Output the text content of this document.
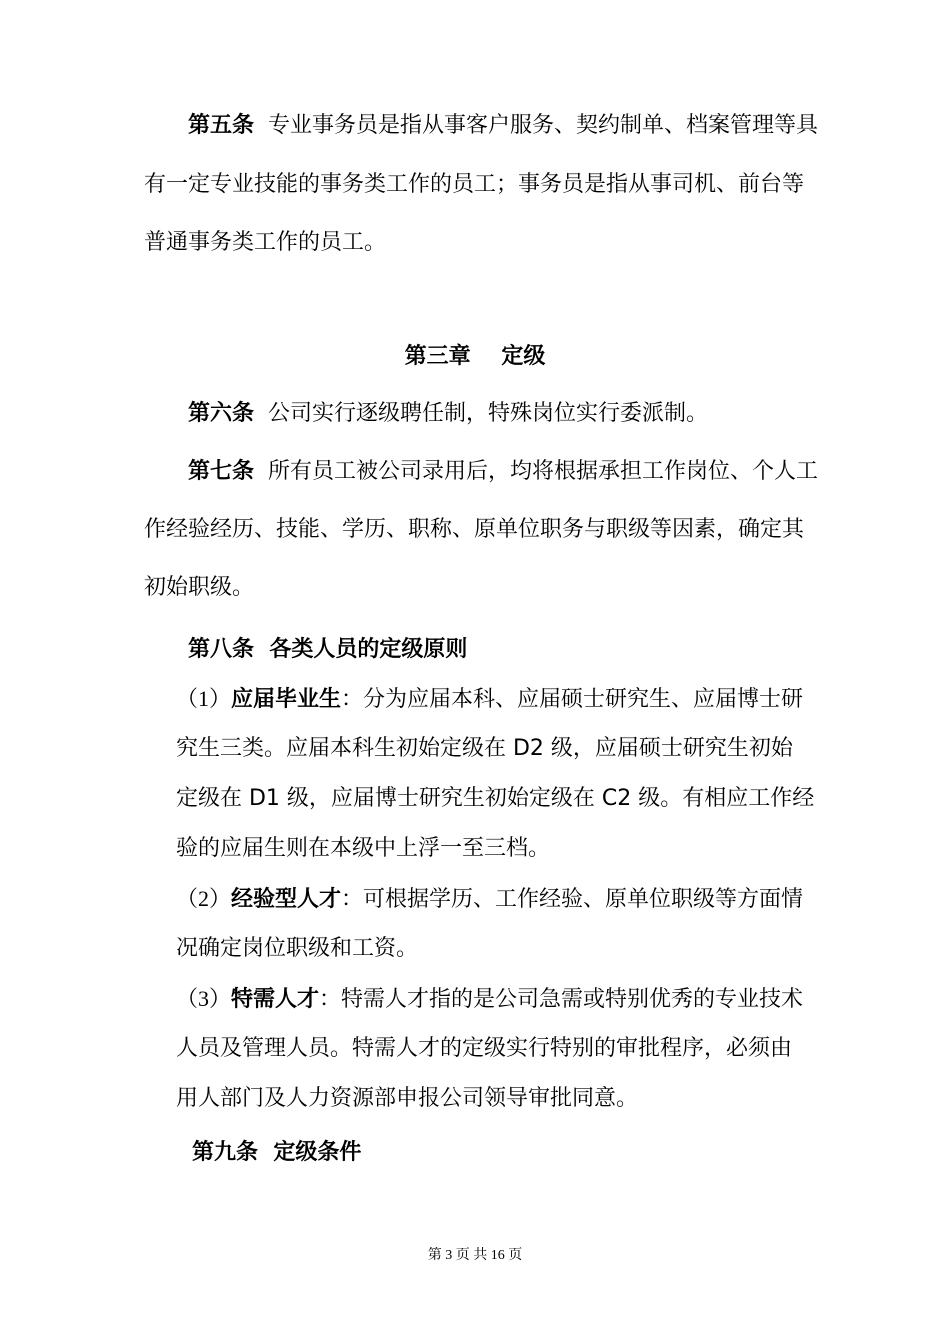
第五条 专业事务员是指从事客户服务、契约制单、档案管理等具
有一定专业技能的事务类工作的员工；事务员是指从事司机、前台等
普通事务类工作的员工。
第三章 定级
第六条 公司实行逐级聘任制，特殊岗位实行委派制。
第七条 所有员工被公司录用后，均将根据承担工作岗位、个人工
作经验经历、技能、学历、职称、原单位职务与职级等因素，确定其
初始职级。
第八条 各类人员的定级原则
（1）应届毕业生：分为应届本科、应届硕士研究生、应届博士研
究生三类。应届本科生初始定级在 D2 级，应届硕士研究生初始
定级在 D1 级，应届博士研究生初始定级在 C2 级。有相应工作经
验的应届生则在本级中上浮一至三档。
（2）经验型人才：可根据学历、工作经验、原单位职级等方面情
况确定岗位职级和工资。
（3）特需人才：特需人才指的是公司急需或特别优秀的专业技术
人员及管理人员。特需人才的定级实行特别的审批程序，必须由
用人部门及人力资源部申报公司领导审批同意。
第九条 定级条件
第 3 页 共 16 页
